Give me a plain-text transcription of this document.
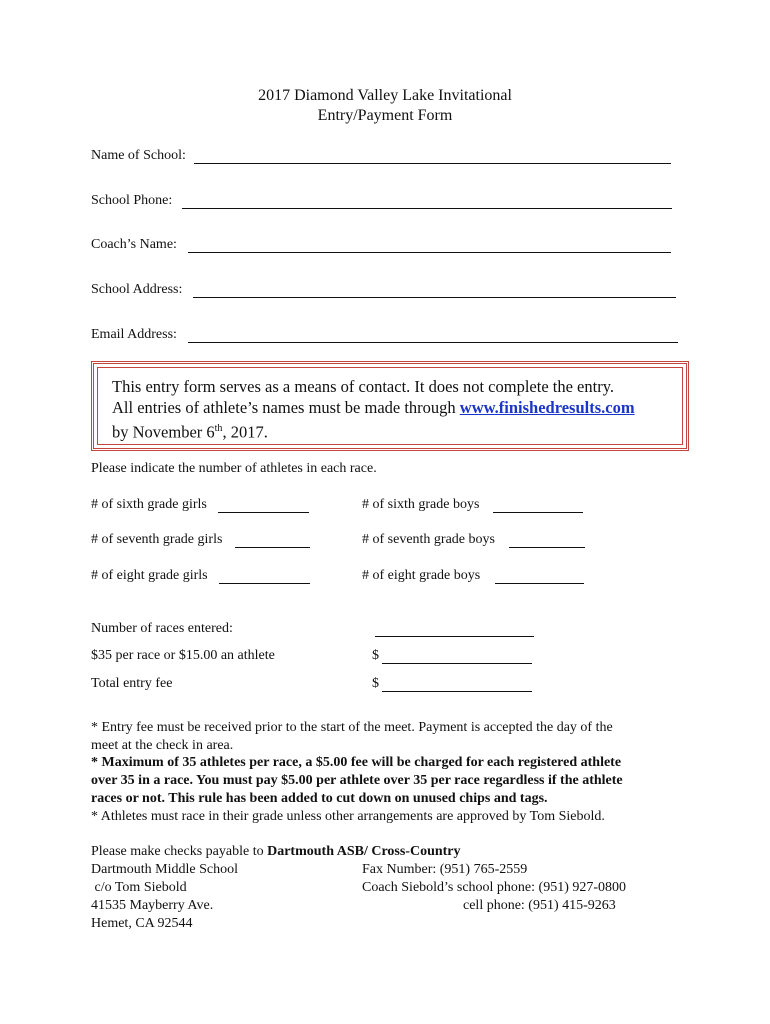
2017 Diamond Valley Lake Invitational
Entry/Payment Form
Name of School:
School Phone:
Coach’s Name:
School Address:
Email Address:
This entry form serves as a means of contact. It does not complete the entry.
All entries of athlete’s names must be made through www.finishedresults.com
by November 6th, 2017.
Please indicate the number of athletes in each race.
# of sixth grade girls	# of sixth grade boys
# of seventh grade girls	# of seventh grade boys
# of eight grade girls	# of eight grade boys
Number of races entered:
$35 per race or $15.00 an athlete	$
Total entry fee	$
* Entry fee must be received prior to the start of the meet. Payment is accepted the day of the
meet at the check in area.
* Maximum of 35 athletes per race, a $5.00 fee will be charged for each registered athlete
over 35 in a race. You must pay $5.00 per athlete over 35 per race regardless if the athlete
races or not. This rule has been added to cut down on unused chips and tags.
* Athletes must race in their grade unless other arrangements are approved by Tom Siebold.
Please make checks payable to Dartmouth ASB/ Cross-Country
Dartmouth Middle School
c/o Tom Siebold
41535 Mayberry Ave.
Hemet, CA 92544
Fax Number: (951) 765-2559
Coach Siebold’s school phone: (951) 927-0800
cell phone: (951) 415-9263
